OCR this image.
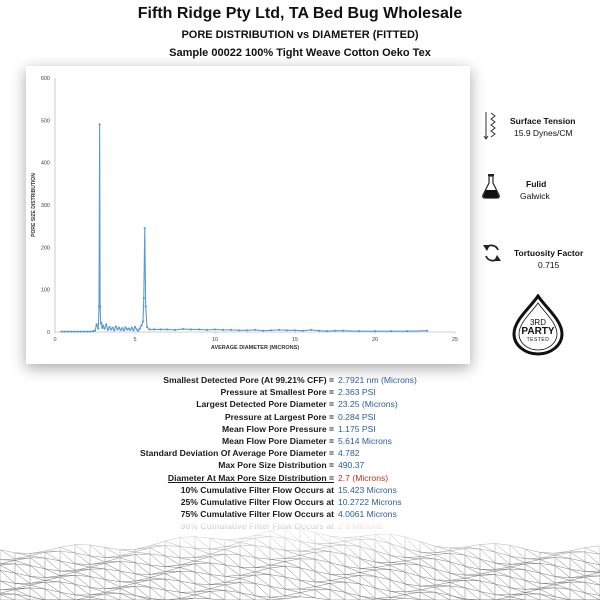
Fifth Ridge Pty Ltd, TA Bed Bug Wholesale
PORE DISTRIBUTION vs DIAMETER (FITTED)
Sample 00022 100% Tight Weave Cotton Oeko Tex
0
100
200
300
400
500
600
0	5	10	15	20	25
AVERAGE DIAMETER (MICRONS)
PORE SIZE DISTRIBUTION
Surface Tension
15.9 Dynes/CM
Fulid
Galwick
Tortuosity Factor
0.715
3RD
PARTY
TESTED
Smallest Detected Pore (At 99.21% CFF) = 2.7921 nm (Microns)
Pressure at Smallest Pore = 2.363 PSI
Largest Detected Pore Diameter = 23.25 (Microns)
Pressure at Largest Pore = 0.284 PSI
Mean Flow Pore Pressure = 1.175 PSI
Mean Flow Pore Diameter = 5.614 Microns
Standard Deviation Of Average Pore Diameter = 4.782
Max Pore Size Distribution = 490.37
Diameter At Max Pore Size Distribution = 2.7 (Microns)
10% Cumulative Filter Flow Occurs at 15.423 Microns
25% Cumulative Filter Flow Occurs at 10.2722 Microns
75% Cumulative Filter Flow Occurs at 4.0061 Microns
